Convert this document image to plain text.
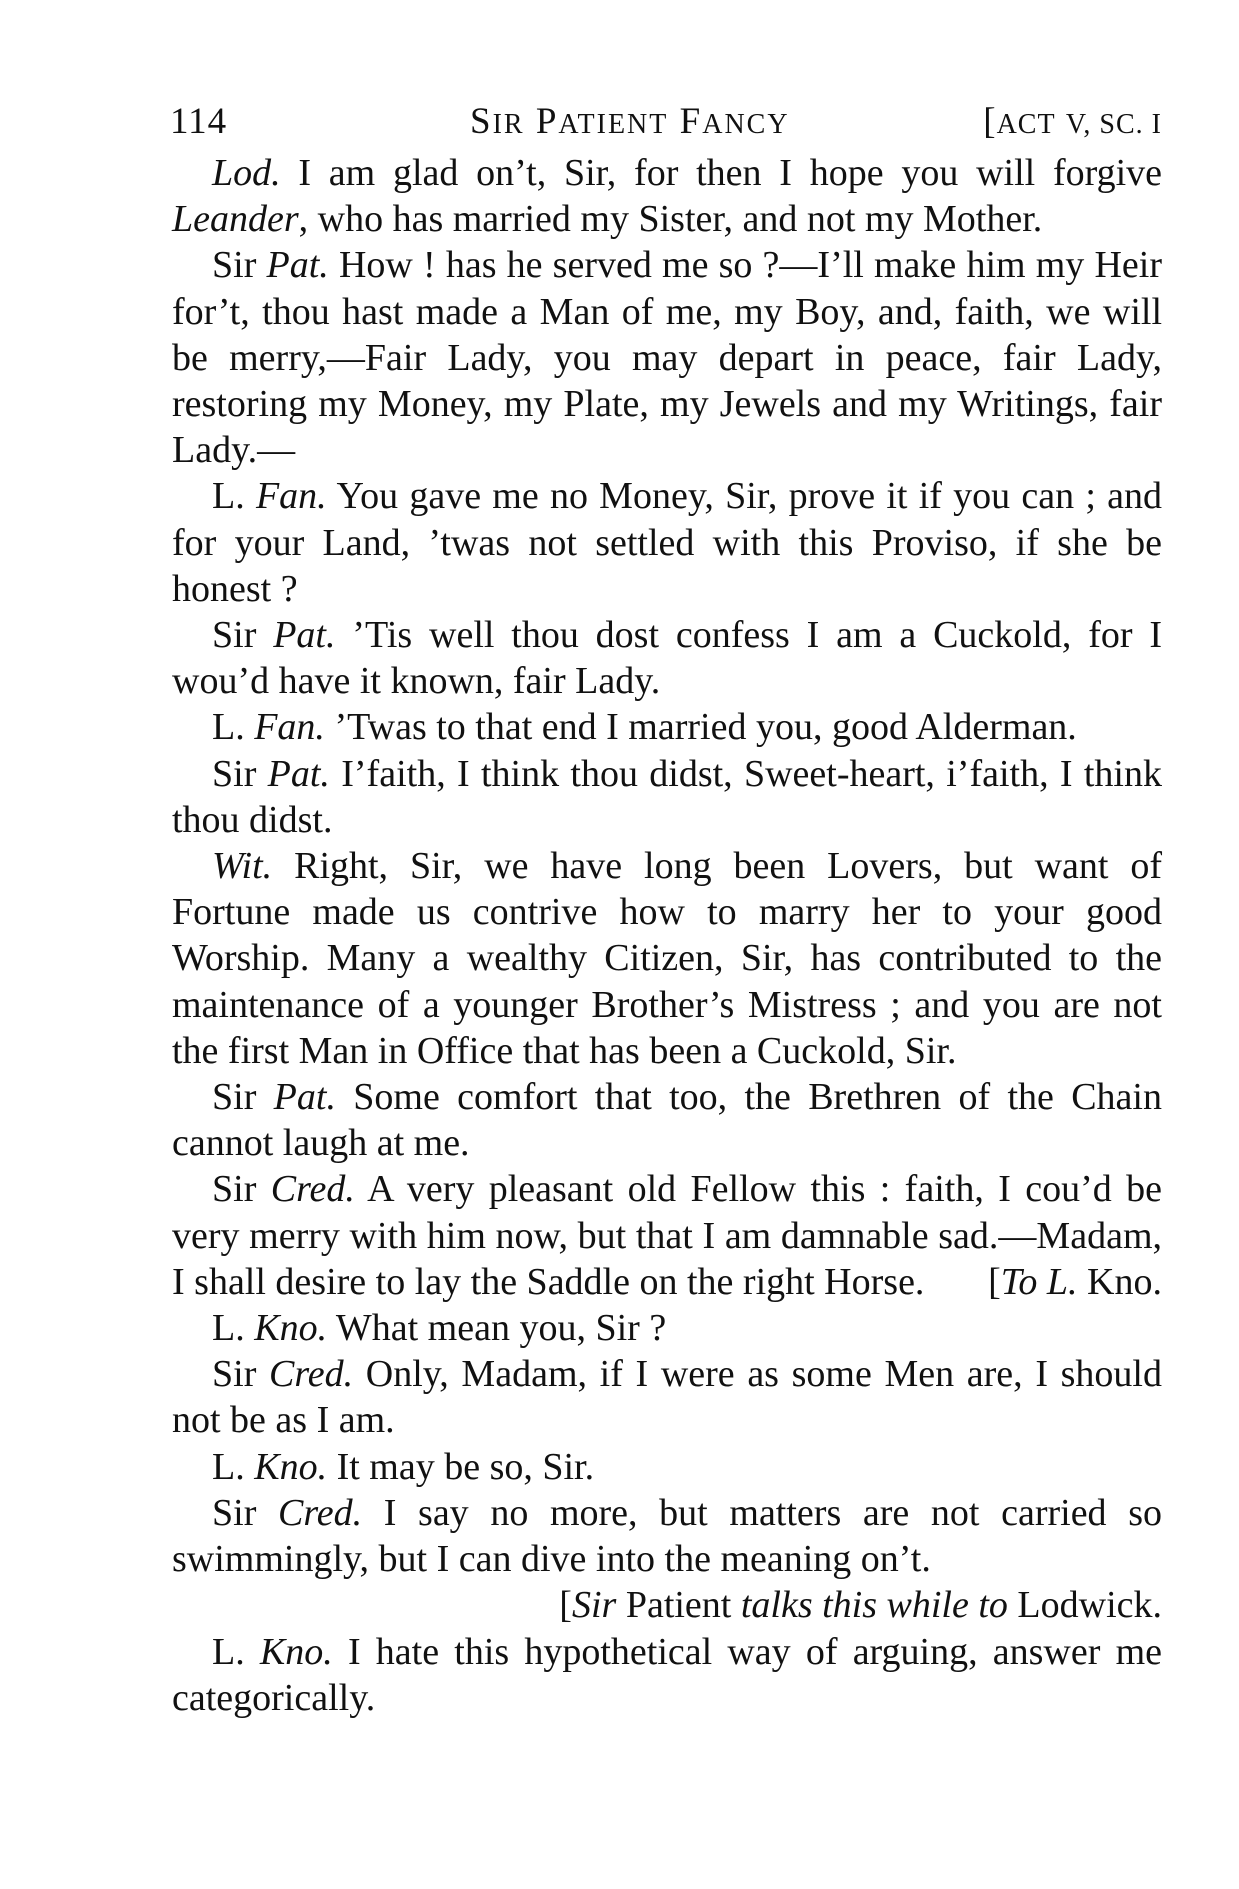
114	SIR PATIENT FANCY	[ACT V, SC. I

Lod. I am glad on’t, Sir, for then I hope you will forgive Leander, who has married my Sister, and not my Mother.

Sir Pat. How ! has he served me so ?—I’ll make him my Heir for’t, thou hast made a Man of me, my Boy, and, faith, we will be merry,—Fair Lady, you may depart in peace, fair Lady, restoring my Money, my Plate, my Jewels and my Writings, fair Lady.—

L. Fan. You gave me no Money, Sir, prove it if you can ; and for your Land, ’twas not settled with this Proviso, if she be honest ?

Sir Pat. ’Tis well thou dost confess I am a Cuckold, for I wou’d have it known, fair Lady.

L. Fan. ’Twas to that end I married you, good Alderman.

Sir Pat. I’faith, I think thou didst, Sweet-heart, i’faith, I think thou didst.

Wit. Right, Sir, we have long been Lovers, but want of Fortune made us contrive how to marry her to your good Worship. Many a wealthy Citizen, Sir, has contributed to the maintenance of a younger Brother’s Mistress ; and you are not the first Man in Office that has been a Cuckold, Sir.

Sir Pat. Some comfort that too, the Brethren of the Chain cannot laugh at me.

Sir Cred. A very pleasant old Fellow this : faith, I cou’d be very merry with him now, but that I am damnable sad.—Madam, I shall desire to lay the Saddle on the right Horse.	[To L. Kno.

L. Kno. What mean you, Sir ?

Sir Cred. Only, Madam, if I were as some Men are, I should not be as I am.

L. Kno. It may be so, Sir.

Sir Cred. I say no more, but matters are not carried so swimmingly, but I can dive into the meaning on’t.

[Sir Patient talks this while to Lodwick.

L. Kno. I hate this hypothetical way of arguing, answer me categorically.
